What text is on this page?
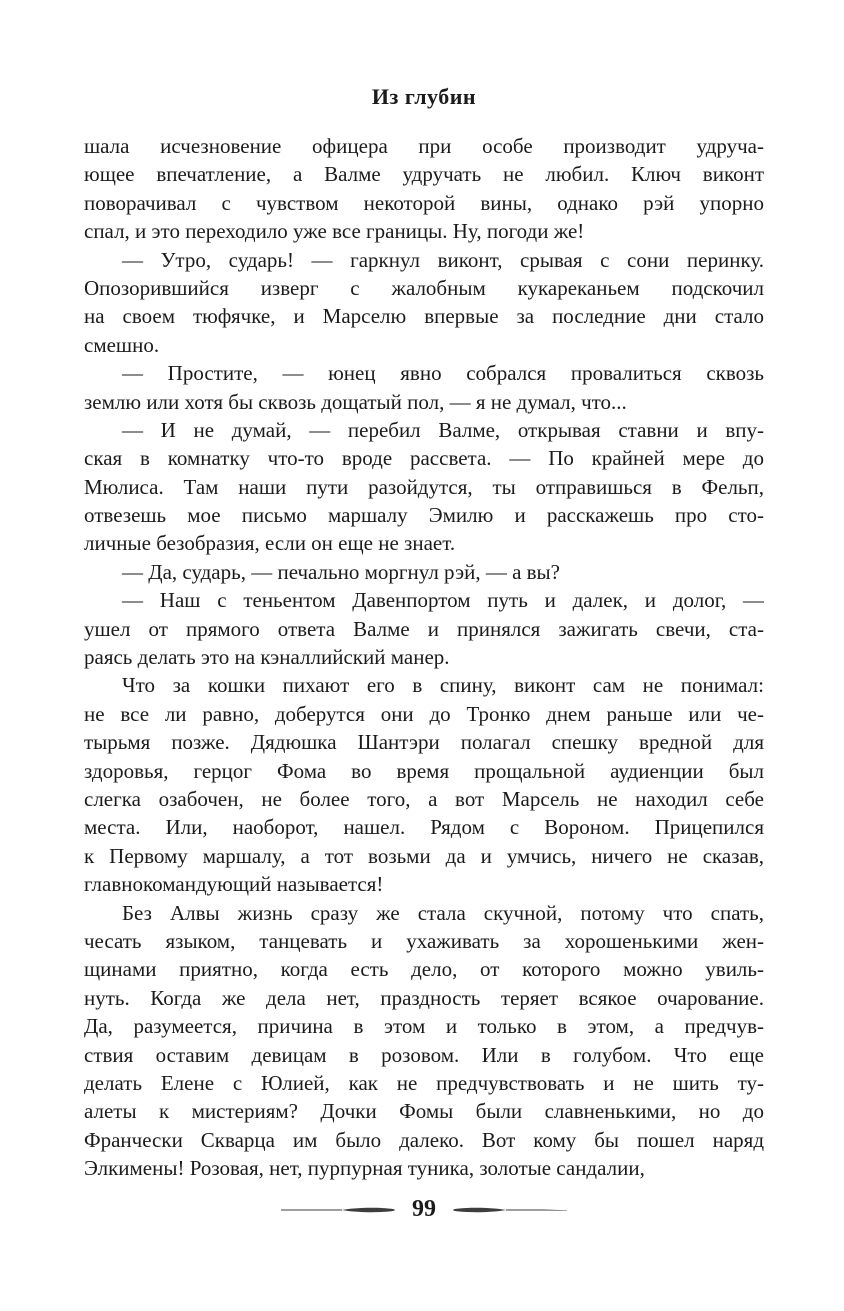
Из глубин
шала исчезновение офицера при особе производит удруча-
ющее впечатление, а Валме удручать не любил. Ключ виконт
поворачивал с чувством некоторой вины, однако рэй упорно
спал, и это переходило уже все границы. Ну, погоди же!
— Утро, сударь! — гаркнул виконт, срывая с сони перинку.
Опозорившийся изверг с жалобным кукареканьем подскочил
на своем тюфячке, и Марселю впервые за последние дни стало
смешно.
— Простите, — юнец явно собрался провалиться сквозь
землю или хотя бы сквозь дощатый пол, — я не думал, что...
— И не думай, — перебил Валме, открывая ставни и впу-
ская в комнатку что-то вроде рассвета. — По крайней мере до
Мюлиса. Там наши пути разойдутся, ты отправишься в Фельп,
отвезешь мое письмо маршалу Эмилю и расскажешь про сто-
личные безобразия, если он еще не знает.
— Да, сударь, — печально моргнул рэй, — а вы?
— Наш с теньентом Давенпортом путь и далек, и долог, —
ушел от прямого ответа Валме и принялся зажигать свечи, ста-
раясь делать это на кэналлийский манер.
Что за кошки пихают его в спину, виконт сам не понимал:
не все ли равно, доберутся они до Тронко днем раньше или че-
тырьмя позже. Дядюшка Шантэри полагал спешку вредной для
здоровья, герцог Фома во время прощальной аудиенции был
слегка озабочен, не более того, а вот Марсель не находил себе
места. Или, наоборот, нашел. Рядом с Вороном. Прицепился
к Первому маршалу, а тот возьми да и умчись, ничего не сказав,
главнокомандующий называется!
Без Алвы жизнь сразу же стала скучной, потому что спать,
чесать языком, танцевать и ухаживать за хорошенькими жен-
щинами приятно, когда есть дело, от которого можно увиль-
нуть. Когда же дела нет, праздность теряет всякое очарование.
Да, разумеется, причина в этом и только в этом, а предчув-
ствия оставим девицам в розовом. Или в голубом. Что еще
делать Елене с Юлией, как не предчувствовать и не шить ту-
алеты к мистериям? Дочки Фомы были славненькими, но до
Франчески Скварца им было далеко. Вот кому бы пошел наряд
Элкимены! Розовая, нет, пурпурная туника, золотые сандалии,
99
